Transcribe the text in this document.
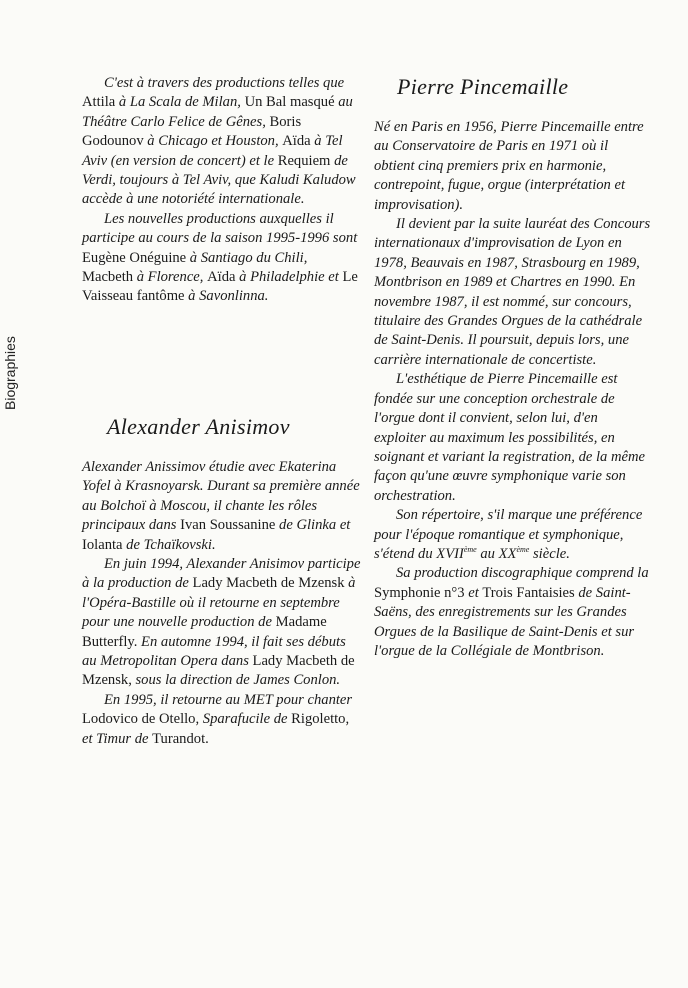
Biographies

C'est à travers des productions telles que Attila à La Scala de Milan, Un Bal masqué au Théâtre Carlo Felice de Gênes, Boris Godounov à Chicago et Houston, Aïda à Tel Aviv (en version de concert) et le Requiem de Verdi, toujours à Tel Aviv, que Kaludi Kaludow accède à une notoriété internationale.

Les nouvelles productions auxquelles il participe au cours de la saison 1995-1996 sont Eugène Onéguine à Santiago du Chili, Macbeth à Florence, Aïda à Philadelphie et Le Vaisseau fantôme à Savonlinna.

Alexander Anisimov

Alexander Anissimov étudie avec Ekaterina Yofel à Krasnoyarsk. Durant sa première année au Bolchoï à Moscou, il chante les rôles principaux dans Ivan Soussanine de Glinka et Iolanta de Tchaïkovski.

En juin 1994, Alexander Anisimov participe à la production de Lady Macbeth de Mzensk à l'Opéra-Bastille où il retourne en septembre pour une nouvelle production de Madame Butterfly. En automne 1994, il fait ses débuts au Metropolitan Opera dans Lady Macbeth de Mzensk, sous la direction de James Conlon.

En 1995, il retourne au MET pour chanter Lodovico de Otello, Sparafucile de Rigoletto, et Timur de Turandot.

Pierre Pincemaille

Né en Paris en 1956, Pierre Pincemaille entre au Conservatoire de Paris en 1971 où il obtient cinq premiers prix en harmonie, contrepoint, fugue, orgue (interprétation et improvisation).

Il devient par la suite lauréat des Concours internationaux d'improvisation de Lyon en 1978, Beauvais en 1987, Strasbourg en 1989, Montbrison en 1989 et Chartres en 1990. En novembre 1987, il est nommé, sur concours, titulaire des Grandes Orgues de la cathédrale de Saint-Denis. Il poursuit, depuis lors, une carrière internationale de concertiste.

L'esthétique de Pierre Pincemaille est fondée sur une conception orchestrale de l'orgue dont il convient, selon lui, d'en exploiter au maximum les possibilités, en soignant et variant la registration, de la même façon qu'une œuvre symphonique varie son orchestration.

Son répertoire, s'il marque une préférence pour l'époque romantique et symphonique, s'étend du XVIIème au XXème siècle.

Sa production discographique comprend la Symphonie n°3 et Trois Fantaisies de Saint-Saëns, des enregistrements sur les Grandes Orgues de la Basilique de Saint-Denis et sur l'orgue de la Collégiale de Montbrison.
